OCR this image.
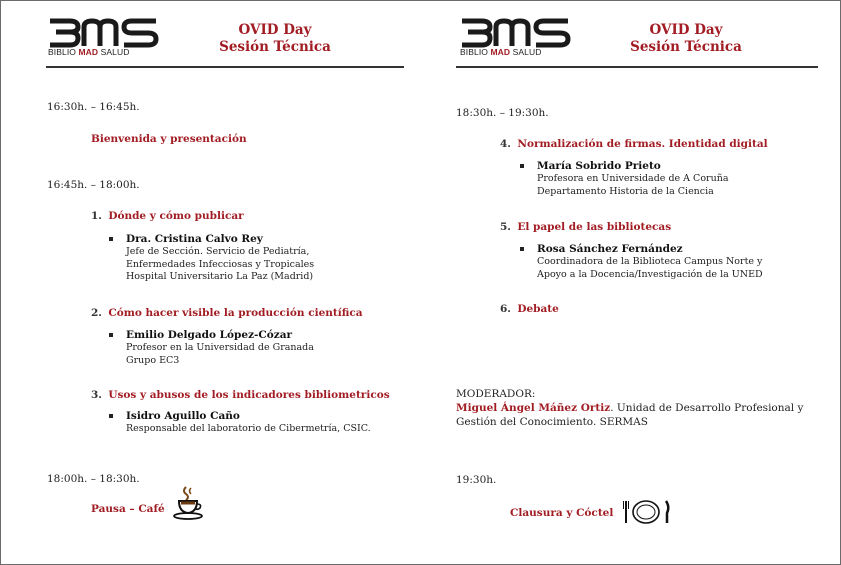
BIBLIO MAD SALUD
OVID Day
Sesión Técnica
16:30h. – 16:45h.
Bienvenida y presentación
16:45h. – 18:00h.
1. Dónde y cómo publicar
Dra. Cristina Calvo Rey
Jefe de Sección. Servicio de Pediatría,
Enfermedades Infecciosas y Tropicales
Hospital Universitario La Paz (Madrid)
2. Cómo hacer visible la producción científica
Emilio Delgado López-Cózar
Profesor en la Universidad de Granada
Grupo EC3
3. Usos y abusos de los indicadores bibliometricos
Isidro Aguillo Caño
Responsable del laboratorio de Cibermetría, CSIC.
18:00h. – 18:30h.
Pausa – Café
BIBLIO MAD SALUD
OVID Day
Sesión Técnica
18:30h. – 19:30h.
4. Normalización de firmas. Identidad digital
María Sobrido Prieto
Profesora en Universidade de A Coruña
Departamento Historia de la Ciencia
5. El papel de las bibliotecas
Rosa Sánchez Fernández
Coordinadora de la Biblioteca Campus Norte y
Apoyo a la Docencia/Investigación de la UNED
6. Debate
MODERADOR:
Miguel Ángel Máñez Ortiz. Unidad de Desarrollo Profesional y
Gestión del Conocimiento. SERMAS
19:30h.
Clausura y Cóctel
